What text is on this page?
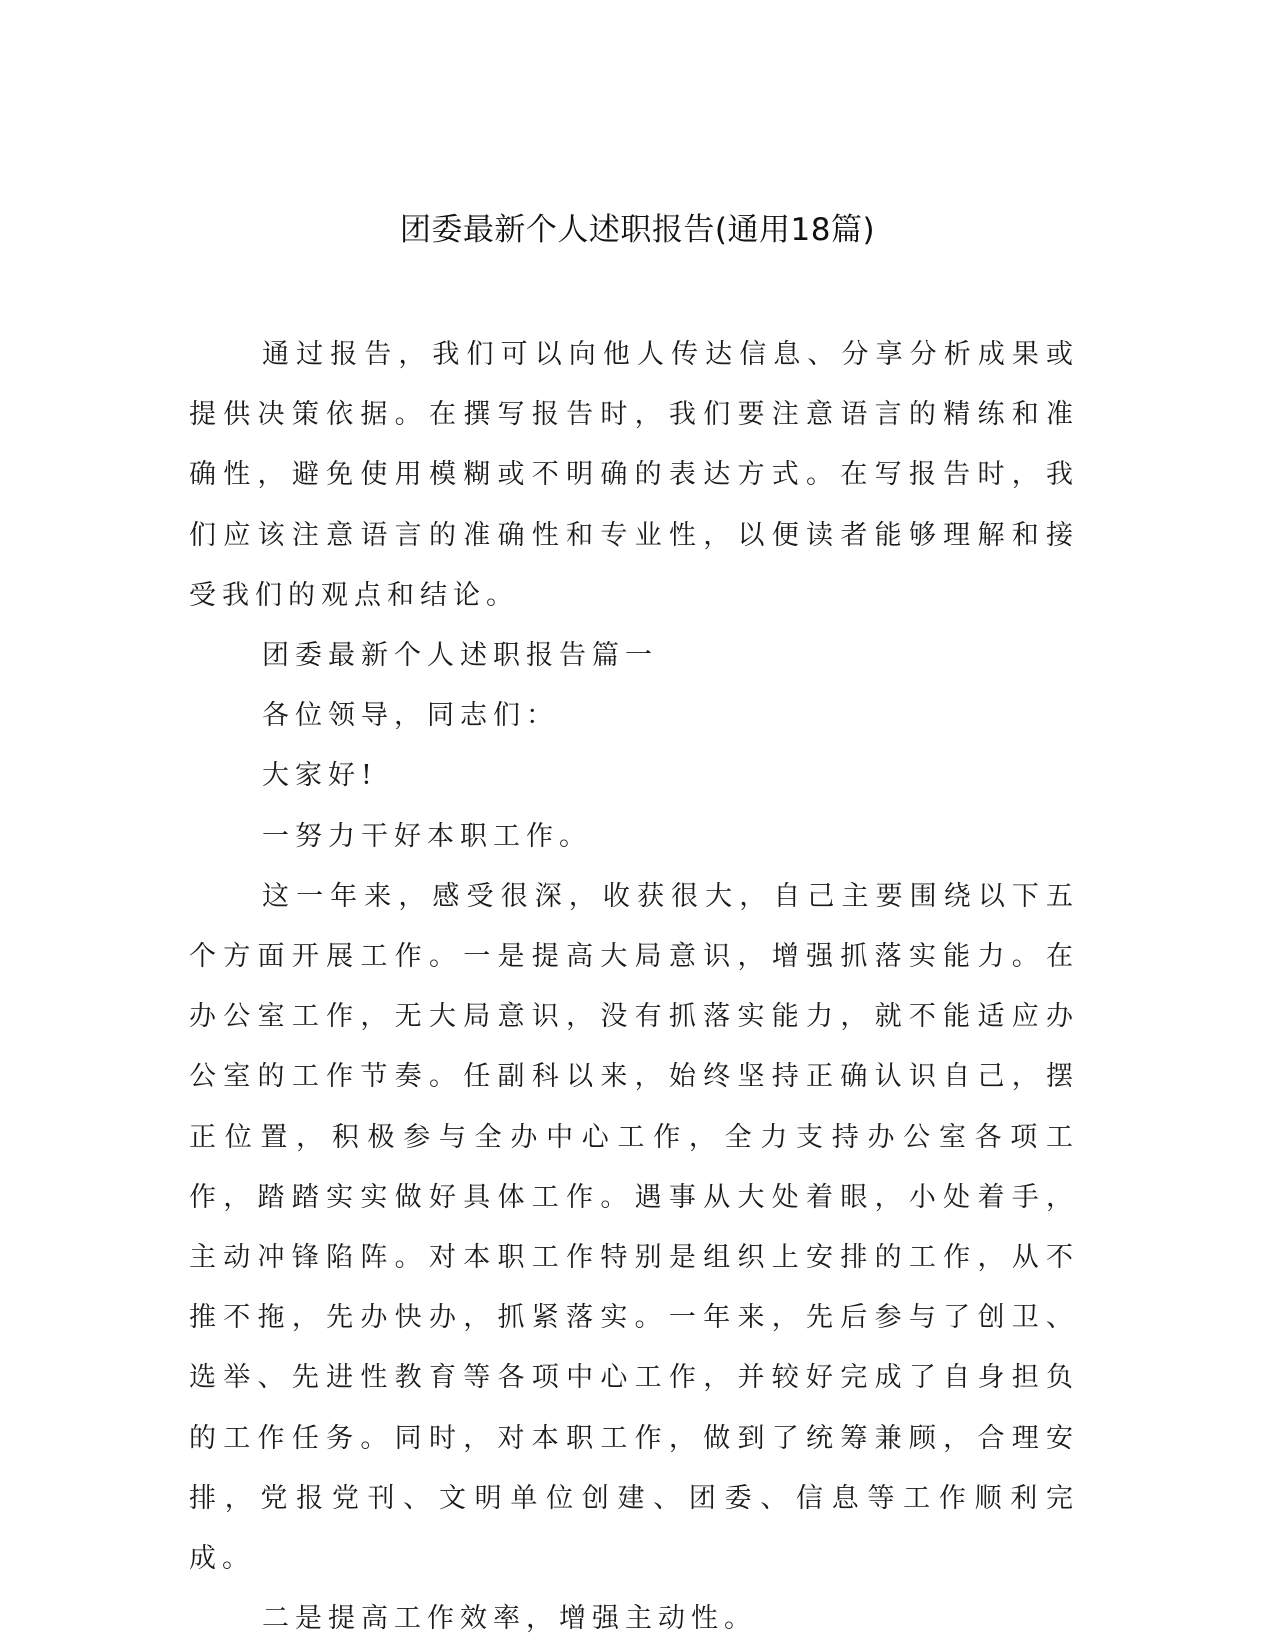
团委最新个人述职报告(通用18篇)

通过报告，我们可以向他人传达信息、分享分析成果或提供决策依据。在撰写报告时，我们要注意语言的精练和准确性，避免使用模糊或不明确的表达方式。在写报告时，我们应该注意语言的准确性和专业性，以便读者能够理解和接受我们的观点和结论。

团委最新个人述职报告篇一

各位领导，同志们：

大家好!

一努力干好本职工作。

这一年来，感受很深，收获很大，自己主要围绕以下五个方面开展工作。一是提高大局意识，增强抓落实能力。在办公室工作，无大局意识，没有抓落实能力，就不能适应办公室的工作节奏。任副科以来，始终坚持正确认识自己，摆正位置，积极参与全办中心工作，全力支持办公室各项工作，踏踏实实做好具体工作。遇事从大处着眼，小处着手，主动冲锋陷阵。对本职工作特别是组织上安排的工作，从不推不拖，先办快办，抓紧落实。一年来，先后参与了创卫、选举、先进性教育等各项中心工作，并较好完成了自身担负的工作任务。同时，对本职工作，做到了统筹兼顾，合理安排，党报党刊、文明单位创建、团委、信息等工作顺利完成。

二是提高工作效率，增强主动性。
